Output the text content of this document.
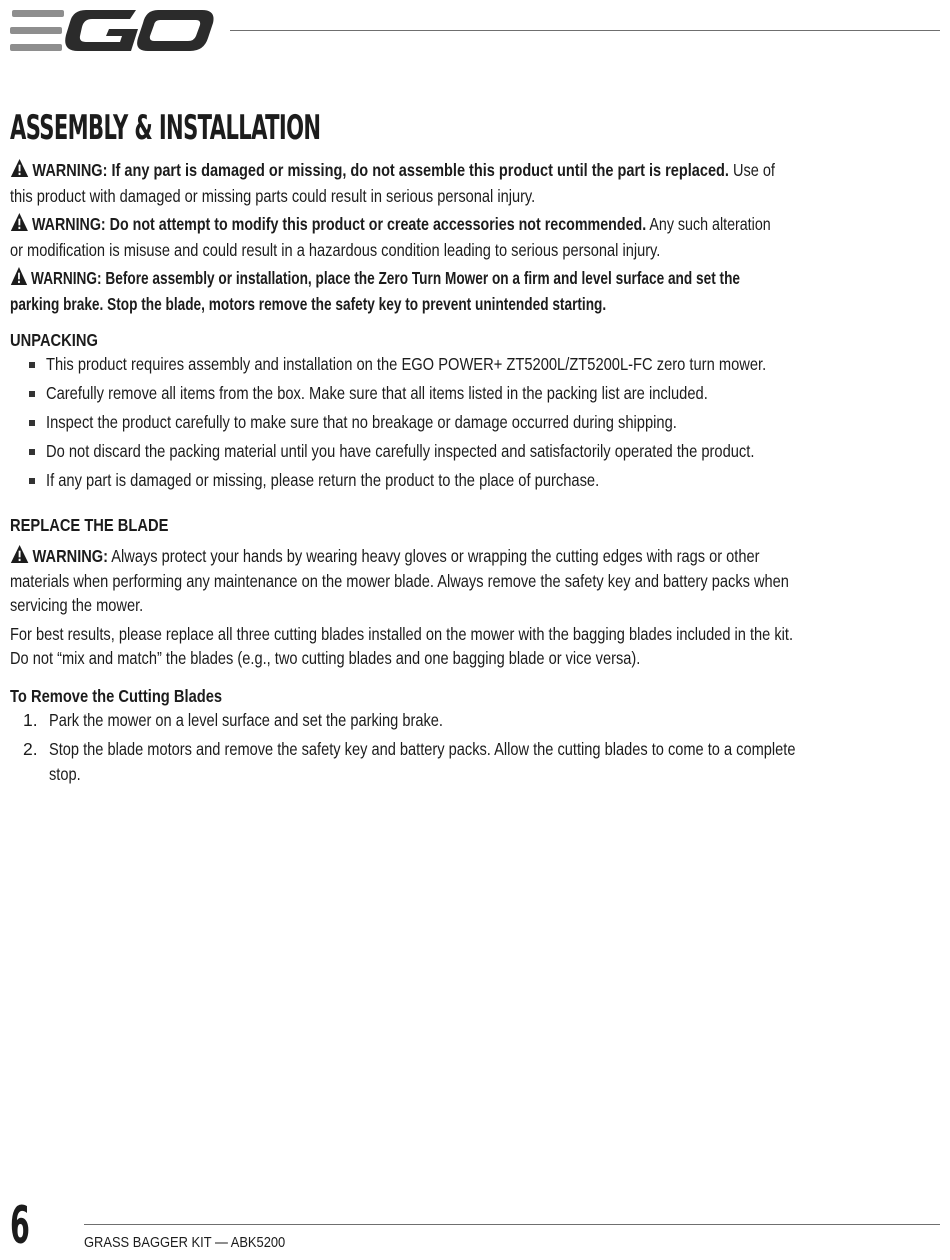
ASSEMBLY & INSTALLATION
WARNING: If any part is damaged or missing, do not assemble this product until the part is replaced. Use of
this product with damaged or missing parts could result in serious personal injury.
WARNING: Do not attempt to modify this product or create accessories not recommended. Any such alteration
or modification is misuse and could result in a hazardous condition leading to serious personal injury.
WARNING: Before assembly or installation, place the Zero Turn Mower on a firm and level surface and set the
parking brake. Stop the blade, motors remove the safety key to prevent unintended starting.
UNPACKING
This product requires assembly and installation on the EGO POWER+ ZT5200L/ZT5200L-FC zero turn mower.
Carefully remove all items from the box. Make sure that all items listed in the packing list are included.
Inspect the product carefully to make sure that no breakage or damage occurred during shipping.
Do not discard the packing material until you have carefully inspected and satisfactorily operated the product.
If any part is damaged or missing, please return the product to the place of purchase.
REPLACE THE BLADE
WARNING: Always protect your hands by wearing heavy gloves or wrapping the cutting edges with rags or other
materials when performing any maintenance on the mower blade. Always remove the safety key and battery packs when
servicing the mower.
For best results, please replace all three cutting blades installed on the mower with the bagging blades included in the kit.
Do not “mix and match” the blades (e.g., two cutting blades and one bagging blade or vice versa).
To Remove the Cutting Blades
1. Park the mower on a level surface and set the parking brake.
2. Stop the blade motors and remove the safety key and battery packs. Allow the cutting blades to come to a complete
stop.
6	GRASS BAGGER KIT — ABK5200
